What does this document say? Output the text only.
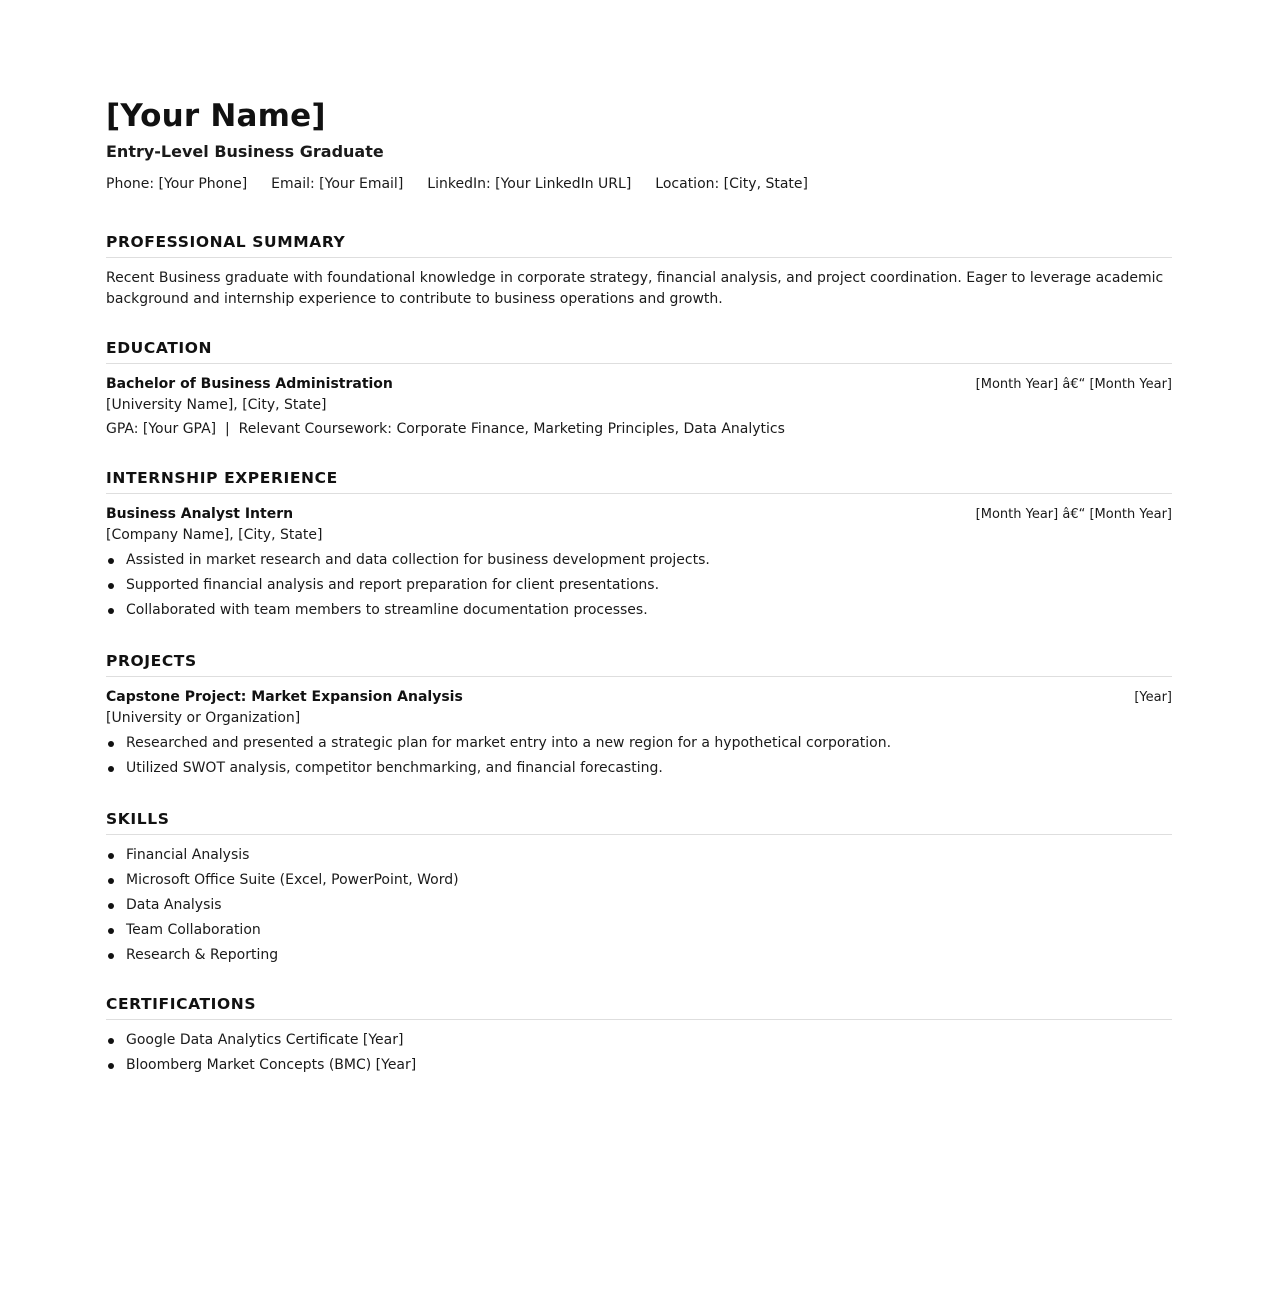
[Your Name]
Entry-Level Business Graduate
Phone: [Your Phone] Email: [Your Email] LinkedIn: [Your LinkedIn URL] Location: [City, State]
PROFESSIONAL SUMMARY
Recent Business graduate with foundational knowledge in corporate strategy, financial analysis, and project coordination. Eager to leverage academic background and internship experience to contribute to business operations and growth.
EDUCATION
Bachelor of Business Administration	[Month Year] â€“ [Month Year]
[University Name], [City, State]
GPA: [Your GPA]  |  Relevant Coursework: Corporate Finance, Marketing Principles, Data Analytics
INTERNSHIP EXPERIENCE
Business Analyst Intern	[Month Year] â€“ [Month Year]
[Company Name], [City, State]
Assisted in market research and data collection for business development projects.
Supported financial analysis and report preparation for client presentations.
Collaborated with team members to streamline documentation processes.
PROJECTS
Capstone Project: Market Expansion Analysis	[Year]
[University or Organization]
Researched and presented a strategic plan for market entry into a new region for a hypothetical corporation.
Utilized SWOT analysis, competitor benchmarking, and financial forecasting.
SKILLS
Financial Analysis
Microsoft Office Suite (Excel, PowerPoint, Word)
Data Analysis
Team Collaboration
Research & Reporting
CERTIFICATIONS
Google Data Analytics Certificate [Year]
Bloomberg Market Concepts (BMC) [Year]
